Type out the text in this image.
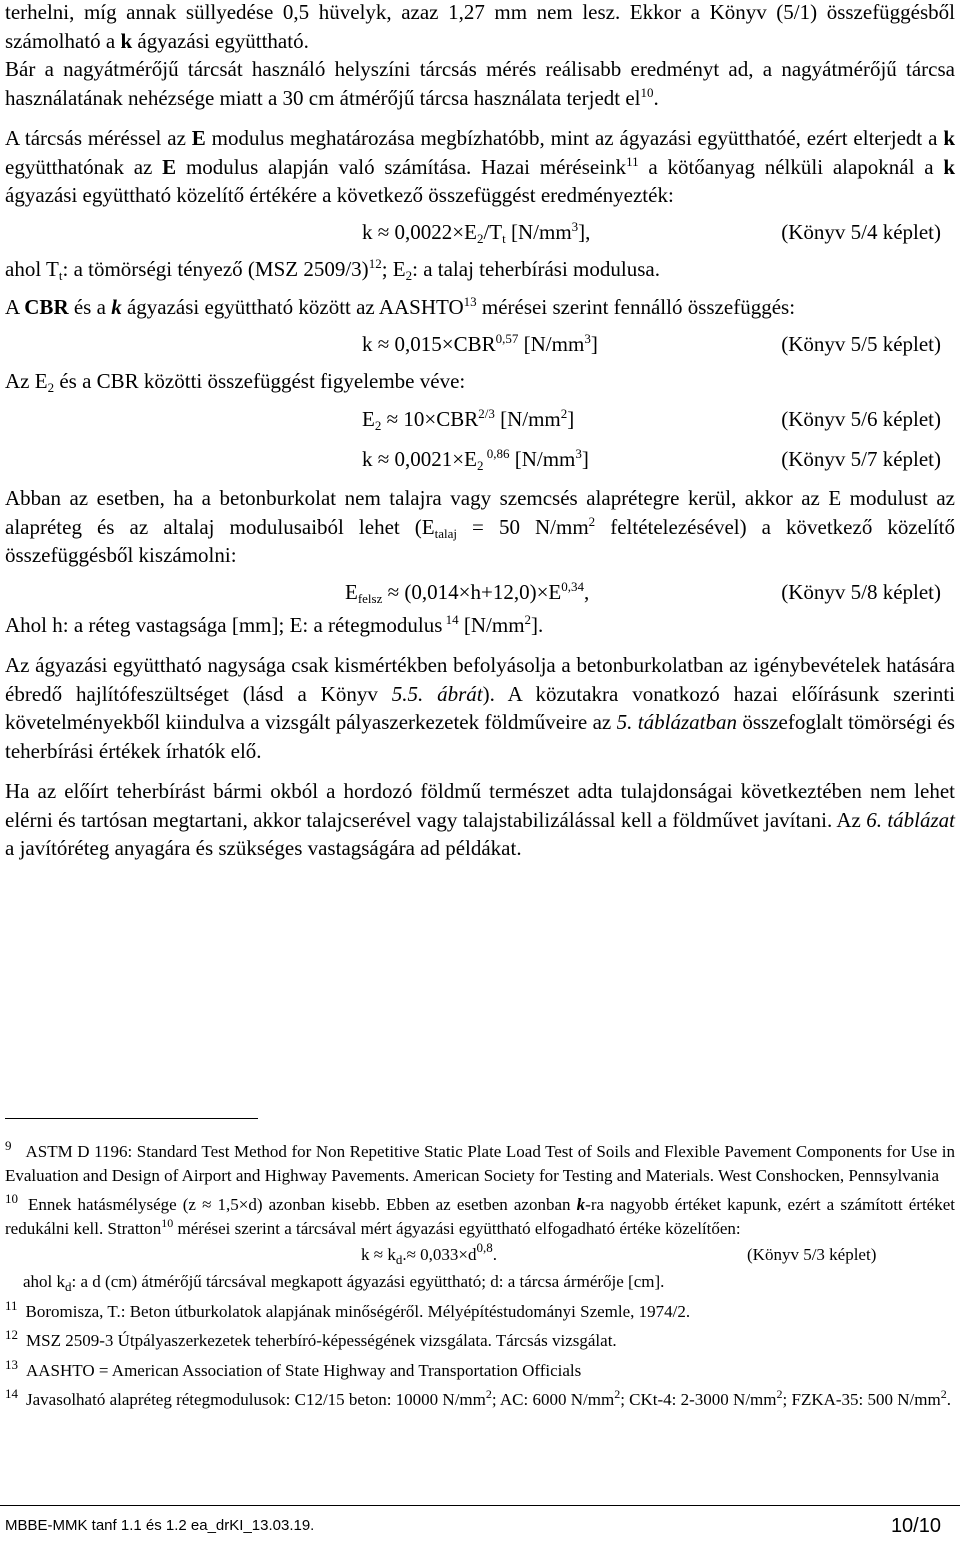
terhelni, míg annak süllyedése 0,5 hüvelyk, azaz 1,27 mm nem lesz. Ekkor a Könyv (5/1) összefüggésből számolható a k ágyazási együttható.

Bár a nagyátmérőjű tárcsát használó helyszíni tárcsás mérés reálisabb eredményt ad, a nagyátmérőjű tárcsa használatának nehézsége miatt a 30 cm átmérőjű tárcsa használata terjedt $el^{10}$.

A tárcsás méréssel az E modulus meghatározása megbízhatóbb, mint az ágyazási együtthatóé, ezért elterjedt a k együtthatónak az E modulus alapján való számítása. Hazai méréseink$^{11}$ a kötőanyag nélküli alapoknál a k ágyazási együttható közelítő értékére a következő összefüggést eredményezték:

$k \approx 0,0022\times E_2/T_t$ $[N/mm^3]$,	(Könyv 5/4 képlet)

ahol $T_t$: a tömörségi tényező (MSZ 2509/3)$^{12}$; $E_2$: a talaj teherbírási modulusa.

A CBR és a k ágyazási együttható között az AASHTO$^{13}$ mérései szerint fennálló összefüggés:

k ≈ 0,015×CBR$^{0,57}$ $[N/mm^3]$	(Könyv 5/5 képlet)

Az $E_2$ és a CBR közötti összefüggést figyelembe véve:

$E_2 \approx 10\times CBR^{2/3}$ $[N/mm^2]$	(Könyv 5/6 képlet)
$k \approx 0,0021\times E_2$ $^{0,86}$ $[N/mm^3]$	(Könyv 5/7 képlet)

Abban az esetben, ha a betonburkolat nem talajra vagy szemcsés alaprétegre kerül, akkor az E modulust az alapréteg és az altalaj modulusaiból lehet ($E_{talaj} = 50$ $N/mm^2$ feltételezésével) a következő közelítő összefüggésből kiszámolni:

$E_{felsz} \approx (0,014\times h+12,0)\times E^{0,34}$,	(Könyv 5/8 képlet)

Ahol h: a réteg vastagsága [mm]; E: a rétegmodulus $^{14}$ $[N/mm^2]$.

Az ágyazási együttható nagysága csak kismértékben befolyásolja a betonburkolatban az igénybevételek hatására ébredő hajlítófeszültséget (lásd a Könyv 5.5. ábrát). A közutakra vonatkozó hazai előírásunk szerinti követelményekből kiindulva a vizsgált pályaszerkezetek földműveire az 5. táblázatban összefoglalt tömörségi és teherbírási értékek írhatók elő.

Ha az előírt teherbírást bármi okból a hordozó földmű természet adta tulajdonságai következtében nem lehet elérni és tartósan megtartani, akkor talajcserével vagy talajstabilizálással kell a földművet javítani. Az 6. táblázat a javítóréteg anyagára és szükséges vastagságára ad példákat.

$^9$ ASTM D 1196: Standard Test Method for Non Repetitive Static Plate Load Test of Soils and Flexible Pavement Components for Use in Evaluation and Design of Airport and Highway Pavements. American Society for Testing and Materials. West Conshocken, Pennsylvania

$^{10}$ Ennek hatásmélysége (z ≈ 1,5×d) azonban kisebb. Ebben az esetben azonban k-ra nagyobb értéket kapunk, ezért a számított értéket redukálni kell. Stratton$^{10}$ mérései szerint a tárcsával mért ágyazási együttható elfogadható értéke közelítően:

$k \approx k_d.\approx 0,033\times d^{0,8}$.	(Könyv 5/3 képlet)

ahol $k_d$: a d (cm) átmérőjű tárcsával megkapott ágyazási együttható; d: a tárcsa ármérője [cm].

$^{11}$ Boromisza, T.: Beton útburkolatok alapjának minőségéről. Mélyépítéstudományi Szemle, 1974/2.

$^{12}$ MSZ 2509-3 Útpályaszerkezetek teherbíró-képességének vizsgálata. Tárcsás vizsgálat.

$^{13}$ AASHTO = American Association of State Highway and Transportation Officials

$^{14}$ Javasolható alapréteg rétegmodulusok: C12/15 beton: 10000 $N/mm^2$; AC: 6000 $N/mm^2$; CKt-4: 2-3000 $N/mm^2$; FZKA-35: 500 $N/mm^2$.

MBBE-MMK tanf 1.1 és 1.2 ea_drKI_13.03.19.	10/10
